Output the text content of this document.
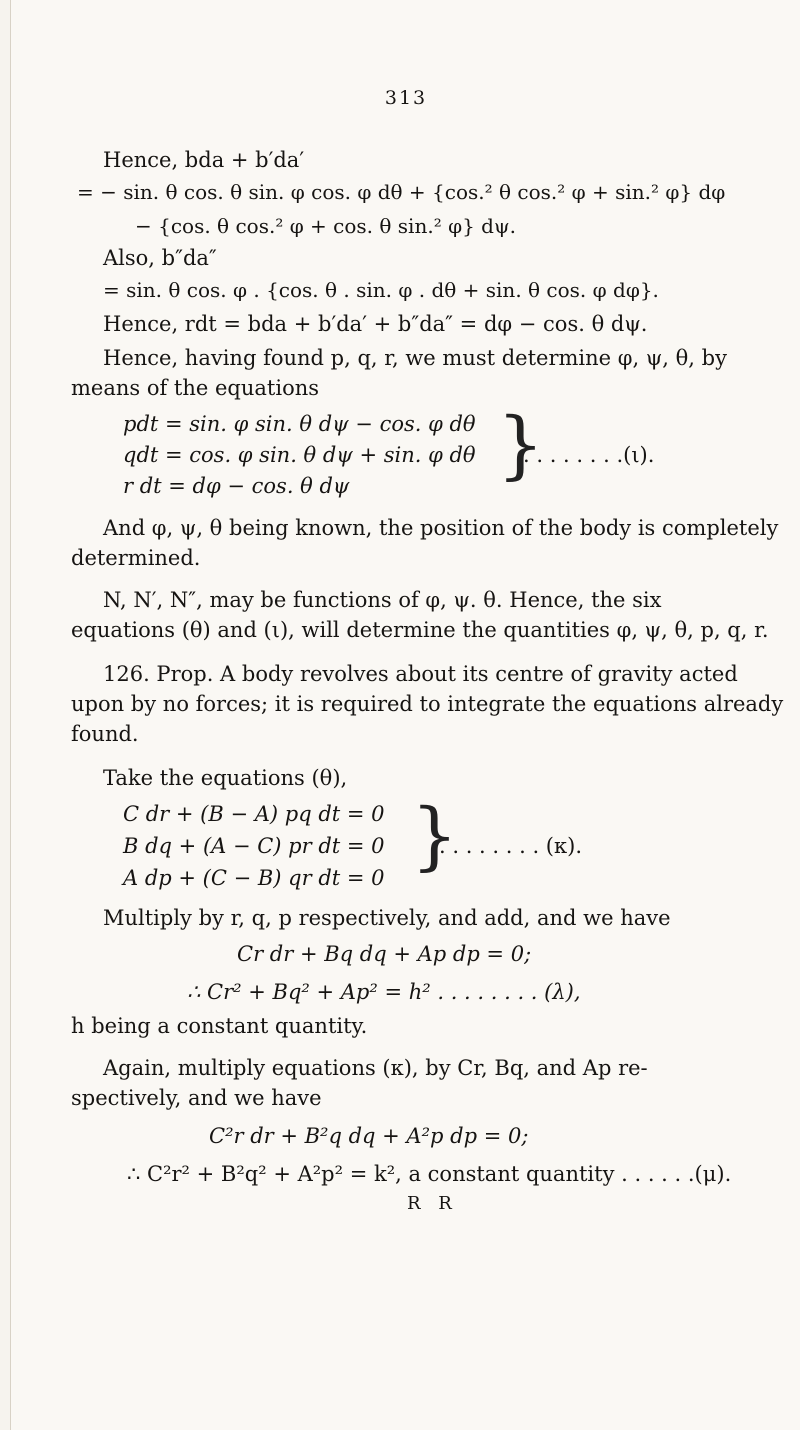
313
Hence, bda + b′da′
= − sin. θ cos. θ sin. φ cos. φ dθ + {cos.² θ cos.² φ + sin.² φ} dφ
− {cos. θ cos.² φ + cos. θ sin.² φ} dψ.
Also, b″da″
= sin. θ cos. φ . {cos. θ . sin. φ . dθ + sin. θ cos. φ dφ}.
Hence, rdt = bda + b′da′ + b″da″ = dφ − cos. θ dψ.
Hence, having found p, q, r, we must determine φ, ψ, θ, by
means of the equations
pdt = sin. φ sin. θ dψ − cos. φ dθ
qdt = cos. φ sin. θ dψ + sin. φ dθ
r dt = dφ − cos. θ dψ	}
. . . . . . . .(ι).
And φ, ψ, θ being known, the position of the body is completely
determined.
N, N′, N″, may be functions of φ, ψ. θ. Hence, the six
equations (θ) and (ι), will determine the quantities φ, ψ, θ, p, q, r.
126. Prop. A body revolves about its centre of gravity acted
upon by no forces; it is required to integrate the equations already
found.
Take the equations (θ),
C dr + (B − A) pq dt = 0
B dq + (A − C) pr dt = 0
A dp + (C − B) qr dt = 0 }
. . . . . . . . (κ).
Multiply by r, q, p respectively, and add, and we have
Cr dr + Bq dq + Ap dp = 0;
∴ Cr² + Bq² + Ap² = h² . . . . . . . . (λ),
h being a constant quantity.
Again, multiply equations (κ), by Cr, Bq, and Ap re-
spectively, and we have
C²r dr + B²q dq + A²p dp = 0;
∴ C²r² + B²q² + A²p² = k², a constant quantity . . . . . .(μ).
R R
